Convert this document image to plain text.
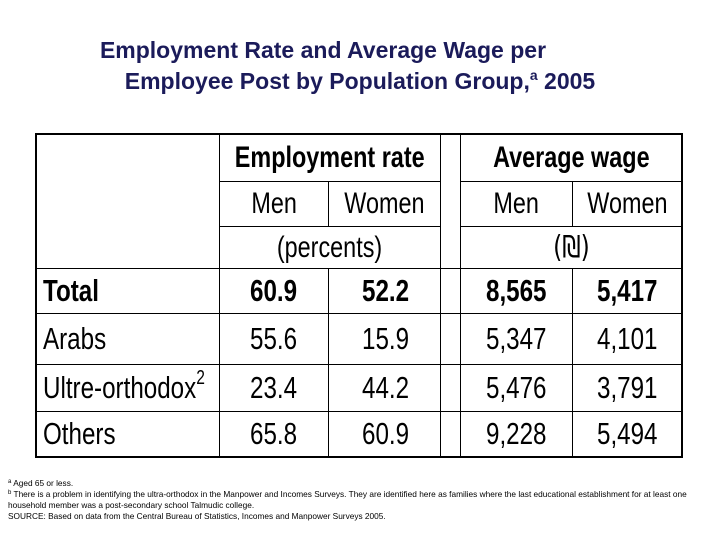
Employment Rate and Average Wage per
Employee Post by Population Group,$^a$ 2005
Employment rate Average wage
Men Women Men Women
(percents)	(₪)
Total	60.9 52.2 8,565 5,417
Arabs	55.6 15.9 5,347 4,101
Ultre-orthodox$^2$ 23.4 44.2 5,476 3,791
Others	65.8 60.9 9,228 5,494
$^a$ Aged 65 or less.
$^b$ There is a problem in identifying the ultra-orthodox in the Manpower and Incomes Surveys. They are identified here as families where the last educational establishment for at least one household member was a post-secondary school Talmudic college.
SOURCE: Based on data from the Central Bureau of Statistics, Incomes and Manpower Surveys 2005.
